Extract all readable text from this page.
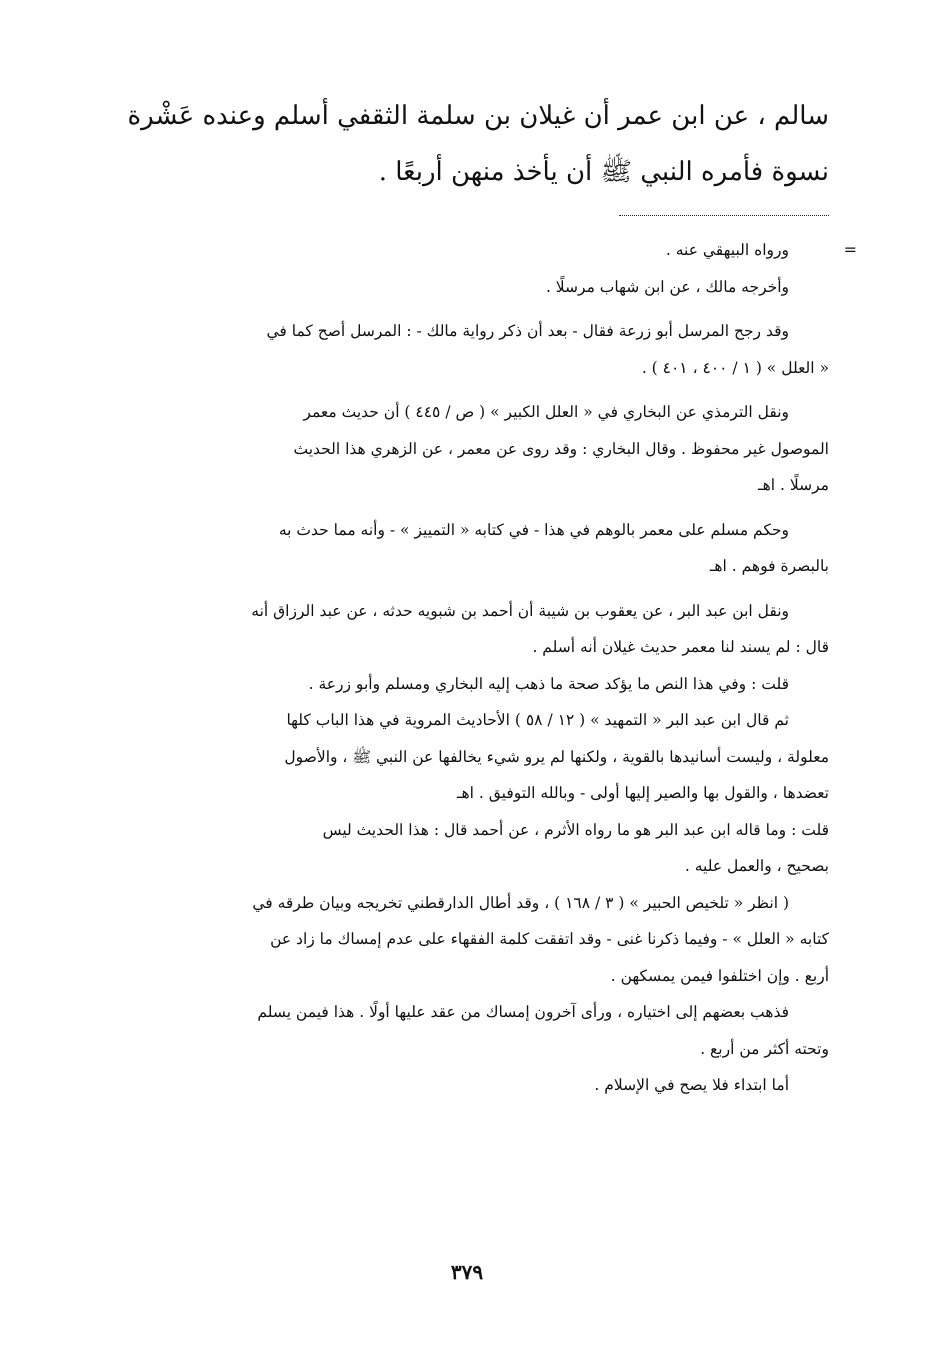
سالم ، عن ابن عمر أن غيلان بن سلمة الثقفي أسلم وعنده عَشْرة

نسوة فأمره النبي ﷺ أن يأخذ منهن أربعًا .

=

ورواه البيهقي عنه .

وأخرجه مالك ، عن ابن شهاب مرسلًا .

وقد رجح المرسل أبو زرعة فقال - بعد أن ذكر رواية مالك - : المرسل أصح كما في
« العلل » ( ١ / ٤٠٠ ، ٤٠١ ) .

ونقل الترمذي عن البخاري في « العلل الكبير » ( ص / ٤٤٥ ) أن حديث معمر
الموصول غير محفوظ . وقال البخاري : وقد روى عن معمر ، عن الزهري هذا الحديث
مرسلًا . اهـ

وحكم مسلم على معمر بالوهم في هذا - في كتابه « التمييز » - وأنه مما حدث به
بالبصرة فوهم . اهـ

ونقل ابن عبد البر ، عن يعقوب بن شيبة أن أحمد بن شبويه حدثه ، عن عبد الرزاق أنه
قال : لم يسند لنا معمر حديث غيلان أنه أسلم .

قلت : وفي هذا النص ما يؤكد صحة ما ذهب إليه البخاري ومسلم وأبو زرعة .

ثم قال ابن عبد البر « التمهيد » ( ١٢ / ٥٨ ) الأحاديث المروية في هذا الباب كلها
معلولة ، وليست أسانيدها بالقوية ، ولكنها لم يرو شيء يخالفها عن النبي ﷺ ، والأصول
تعضدها ، والقول بها والصير إليها أولى - وبالله التوفيق . اهـ

قلت : وما قاله ابن عبد البر هو ما رواه الأثرم ، عن أحمد قال : هذا الحديث ليس
بصحيح ، والعمل عليه .

( انظر « تلخيص الحبير » ( ٣ / ١٦٨ ) ، وقد أطال الدارقطني تخريجه وبيان طرقه في
كتابه « العلل » - وفيما ذكرنا غنى - وقد اتفقت كلمة الفقهاء على عدم إمساك ما زاد عن
أربع . وإن اختلفوا فيمن يمسكهن .

فذهب بعضهم إلى اختياره ، ورأى آخرون إمساك من عقد عليها أولًا . هذا فيمن يسلم
وتحته أكثر من أربع .

أما ابتداء فلا يصح في الإسلام .

٣٧٩
